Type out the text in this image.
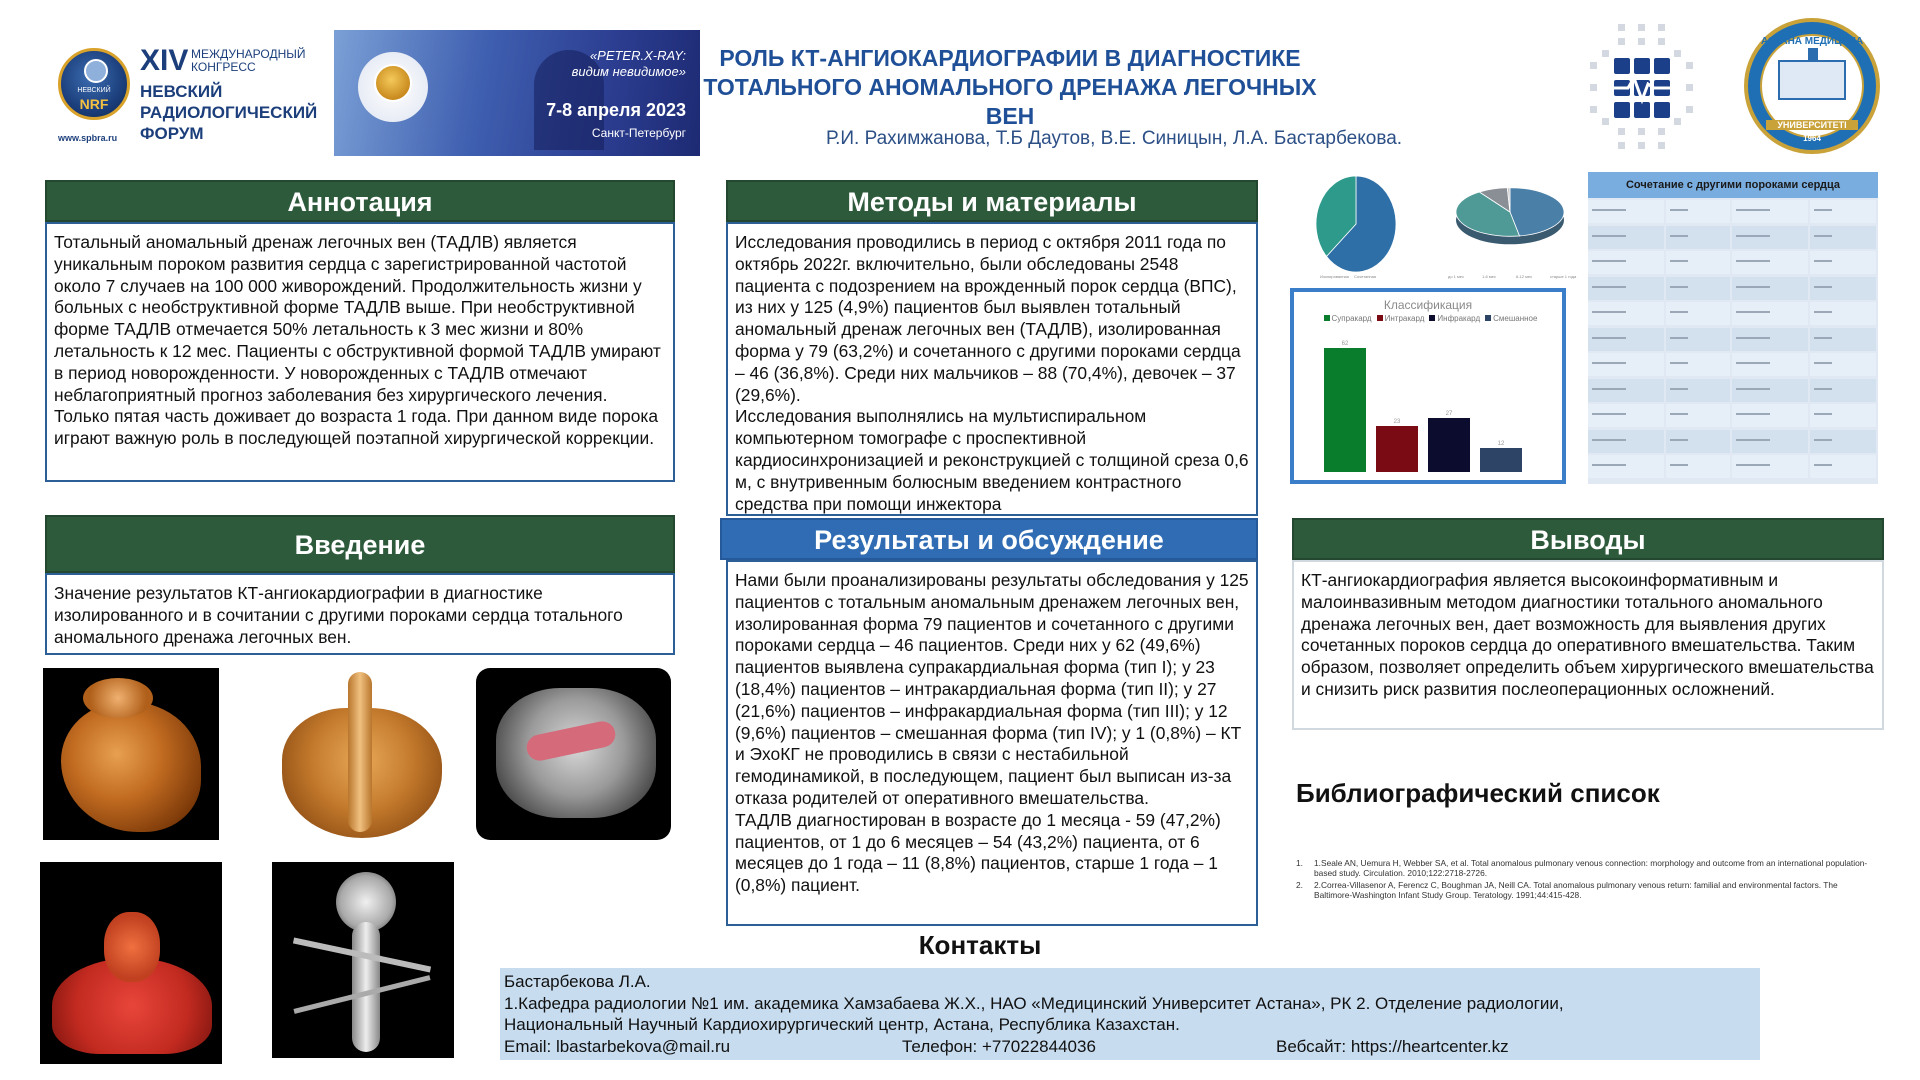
НЕВСКИЙ
NRF
XIV МЕЖДУНАРОДНЫЙ КОНГРЕСС
НЕВСКИЙ
РАДИОЛОГИЧЕСКИЙ
ФОРУМ
www.spbra.ru
«PETER.X-RAY:
видим невидимое»
7-8 апреля 2023
Санкт-Петербург
РОЛЬ КТ-АНГИОКАРДИОГРАФИИ В ДИАГНОСТИКЕ
ТОТАЛЬНОГО АНОМАЛЬНОГО ДРЕНАЖА ЛЕГОЧНЫХ ВЕН
Р.И. Рахимжанова, Т.Б Даутов, В.Е. Синицын, Л.А. Бастарбекова.
АСТАНА МЕДИЦИНА
УНИВЕРСИТЕТІ
1964
Аннотация
Тотальный аномальный дренаж легочных вен (ТАДЛВ) является уникальным пороком развития сердца с зарегистрированной частотой около 7 случаев на 100 000 живорождений. Продолжительность жизни у больных с необструктивной форме ТАДЛВ выше. При необструктивной форме ТАДЛВ отмечается 50% летальность к 3 мес жизни и 80% летальность к 12 мес. Пациенты с обструктивной формой ТАДЛВ умирают в период новорожденности. У новорожденных с ТАДЛВ отмечают неблагоприятный прогноз заболевания без хирургического лечения. Только пятая часть доживает до возраста 1 года. При данном виде порока играют важную роль в последующей поэтапной хирургической коррекции.
Введение
Значение результатов КТ-ангиокардиографии в диагностике изолированного и в сочитании с другими пороками сердца тотального аномального дренажа легочных вен.
Методы и материалы
Исследования проводились в период с октября 2011 года по октябрь 2022г. включительно, были обследованы 2548 пациента с подозрением на врожденный порок сердца (ВПС), из них у 125 (4,9%) пациентов был выявлен тотальный аномальный дренаж легочных вен (ТАДЛВ), изолированная форма у 79 (63,2%) и сочетанного с другими пороками сердца – 46 (36,8%). Среди них мальчиков – 88 (70,4%), девочек – 37 (29,6%).
Исследования выполнялись на мультиспиральном компьютерном томографе с проспективной кардиосинхронизацией и реконструкцией с толщиной среза 0,6 м, с внутривенным болюсным введением контрастного средства при помощи инжектора
Результаты и обсуждение
Нами были проанализированы результаты обследования у 125 пациентов с тотальным аномальным дренажем легочных вен, изолированная форма 79 пациентов и сочетанного с другими пороками сердца – 46 пациентов. Среди них у 62 (49,6%) пациентов выявлена супракардиальная форма (тип I); у 23 (18,4%) пациентов – интракардиальная форма (тип II); у 27 (21,6%) пациентов – инфракардиальная форма (тип III); у 12 (9,6%) пациентов – смешанная форма (тип IV); у 1 (0,8%) – КТ и ЭхоКГ не проводились в связи с нестабильной гемодинамикой, в последующем, пациент был выписан из-за отказа родителей от оперативного вмешательства.
ТАДЛВ диагностирован в возрасте до 1 месяца - 59 (47,2%) пациентов, от 1 до 6 месяцев – 54 (43,2%) пациента, от 6 месяцев до 1 года – 11 (8,8%) пациентов, старше 1 года – 1 (0,8%) пациент.
Изолированная Сочетанная	до 1 мес	1-6 мес	6-12 мес	старше 1 года
Классификация
Супракард Интракард Инфракард Смешанное
62
23
27
12
Сочетание с другими пороками сердца
Выводы
КТ-ангиокардиография является высокоинформативным и малоинвазивным методом диагностики тотального аномального дренажа легочных вен, дает возможность для выявления других сочетанных пороков сердца до оперативного вмешательства. Таким образом, позволяет определить объем хирургического вмешательства и снизить риск развития послеоперационных осложнений.
Библиографический список
1.	1.Seale AN, Uemura H, Webber SA, et al. Total anomalous pulmonary venous connection: morphology and outcome from an international population-based study. Circulation. 2010;122:2718-2726.
2.	2.Correa-Villasenor A, Ferencz C, Boughman JA, Neill CA. Total anomalous pulmonary venous return: familial and environmental factors. The Baltimore-Washington Infant Study Group. Teratology. 1991;44:415-428.
Контакты
Бастарбекова Л.А.
1.Кафедра радиологии №1 им. академика Хамзабаева Ж.Х., НАО «Медицинский Университет Астана», РК 2. Отделение радиологии, Национальный Научный Кардиохирургический центр, Астана, Республика Казахстан.
Email: lbastarbekova@mail.ru	Телефон: +77022844036	Вебсайт: https://heartcenter.kz
